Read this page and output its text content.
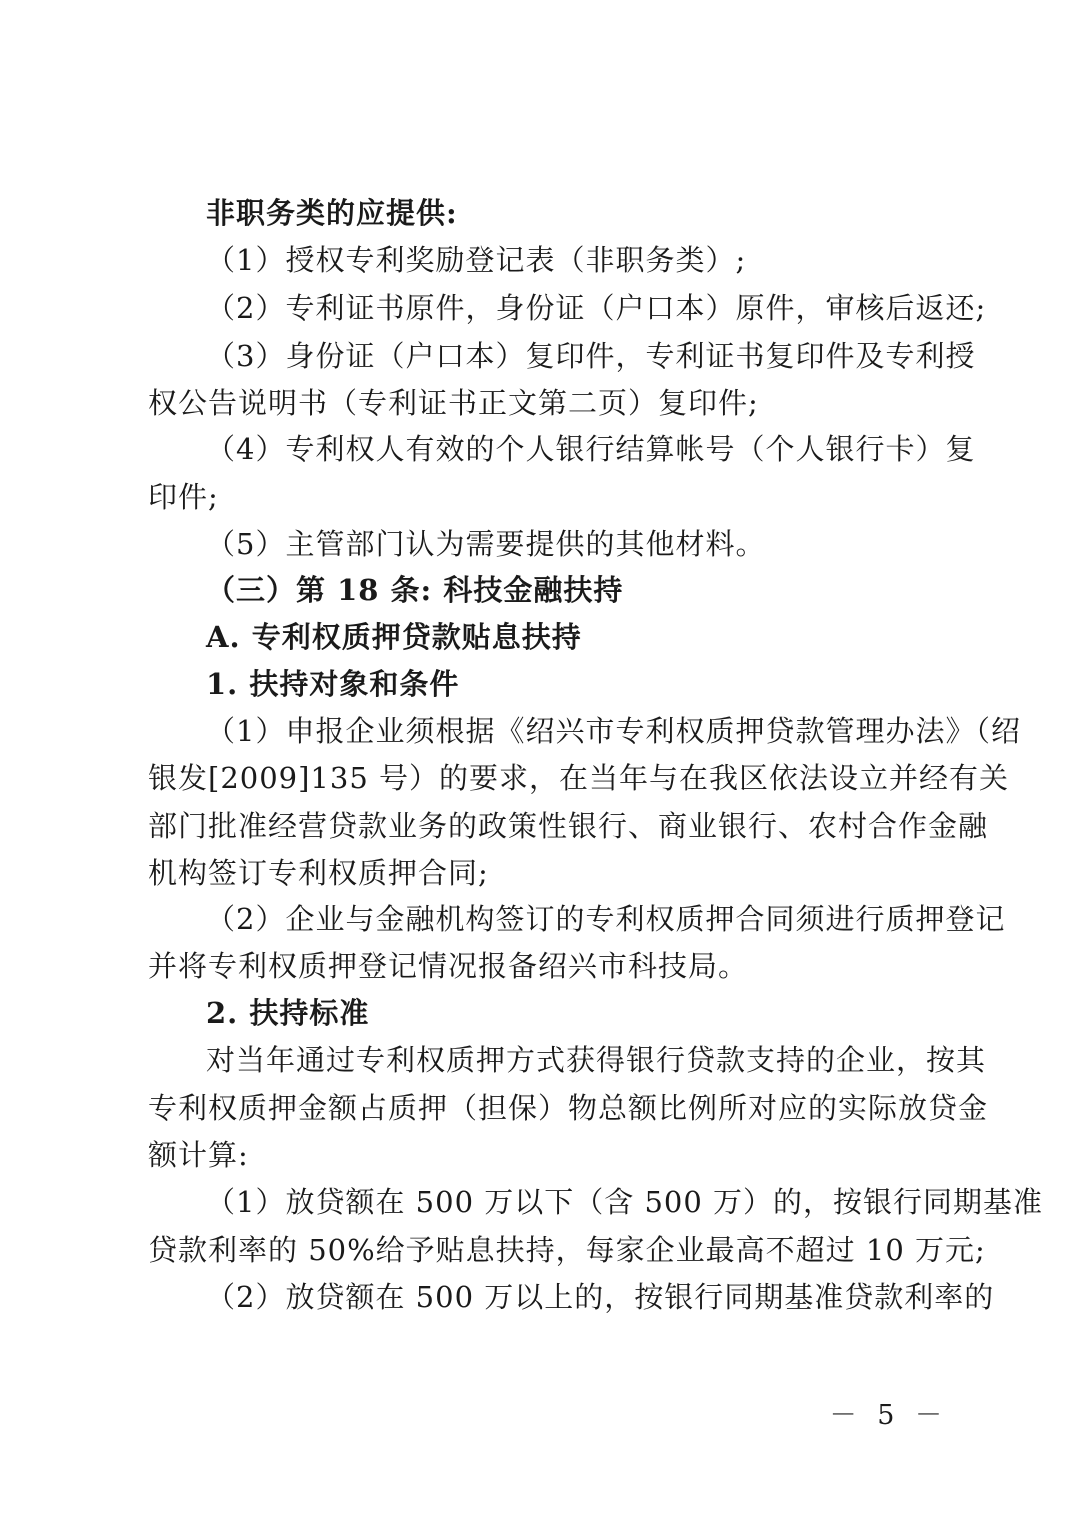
非职务类的应提供:
（1）授权专利奖励登记表（非职务类）;
（2）专利证书原件，身份证（户口本）原件，审核后返还;
（3）身份证（户口本）复印件，专利证书复印件及专利授
权公告说明书（专利证书正文第二页）复印件;
（4）专利权人有效的个人银行结算帐号（个人银行卡）复
印件;
（5）主管部门认为需要提供的其他材料。
（三）第 18 条: 科技金融扶持
A. 专利权质押贷款贴息扶持
1. 扶持对象和条件
（1）申报企业须根据《绍兴市专利权质押贷款管理办法》（绍
银发[2009]135 号）的要求，在当年与在我区依法设立并经有关
部门批准经营贷款业务的政策性银行、商业银行、农村合作金融
机构签订专利权质押合同;
（2）企业与金融机构签订的专利权质押合同须进行质押登记
并将专利权质押登记情况报备绍兴市科技局。
2. 扶持标准
对当年通过专利权质押方式获得银行贷款支持的企业，按其
专利权质押金额占质押（担保）物总额比例所对应的实际放贷金
额计算:
（1）放贷额在 500 万以下（含 500 万）的，按银行同期基准
贷款利率的 50%给予贴息扶持，每家企业最高不超过 10 万元;
（2）放贷额在 500 万以上的，按银行同期基准贷款利率的
－ 5 －
